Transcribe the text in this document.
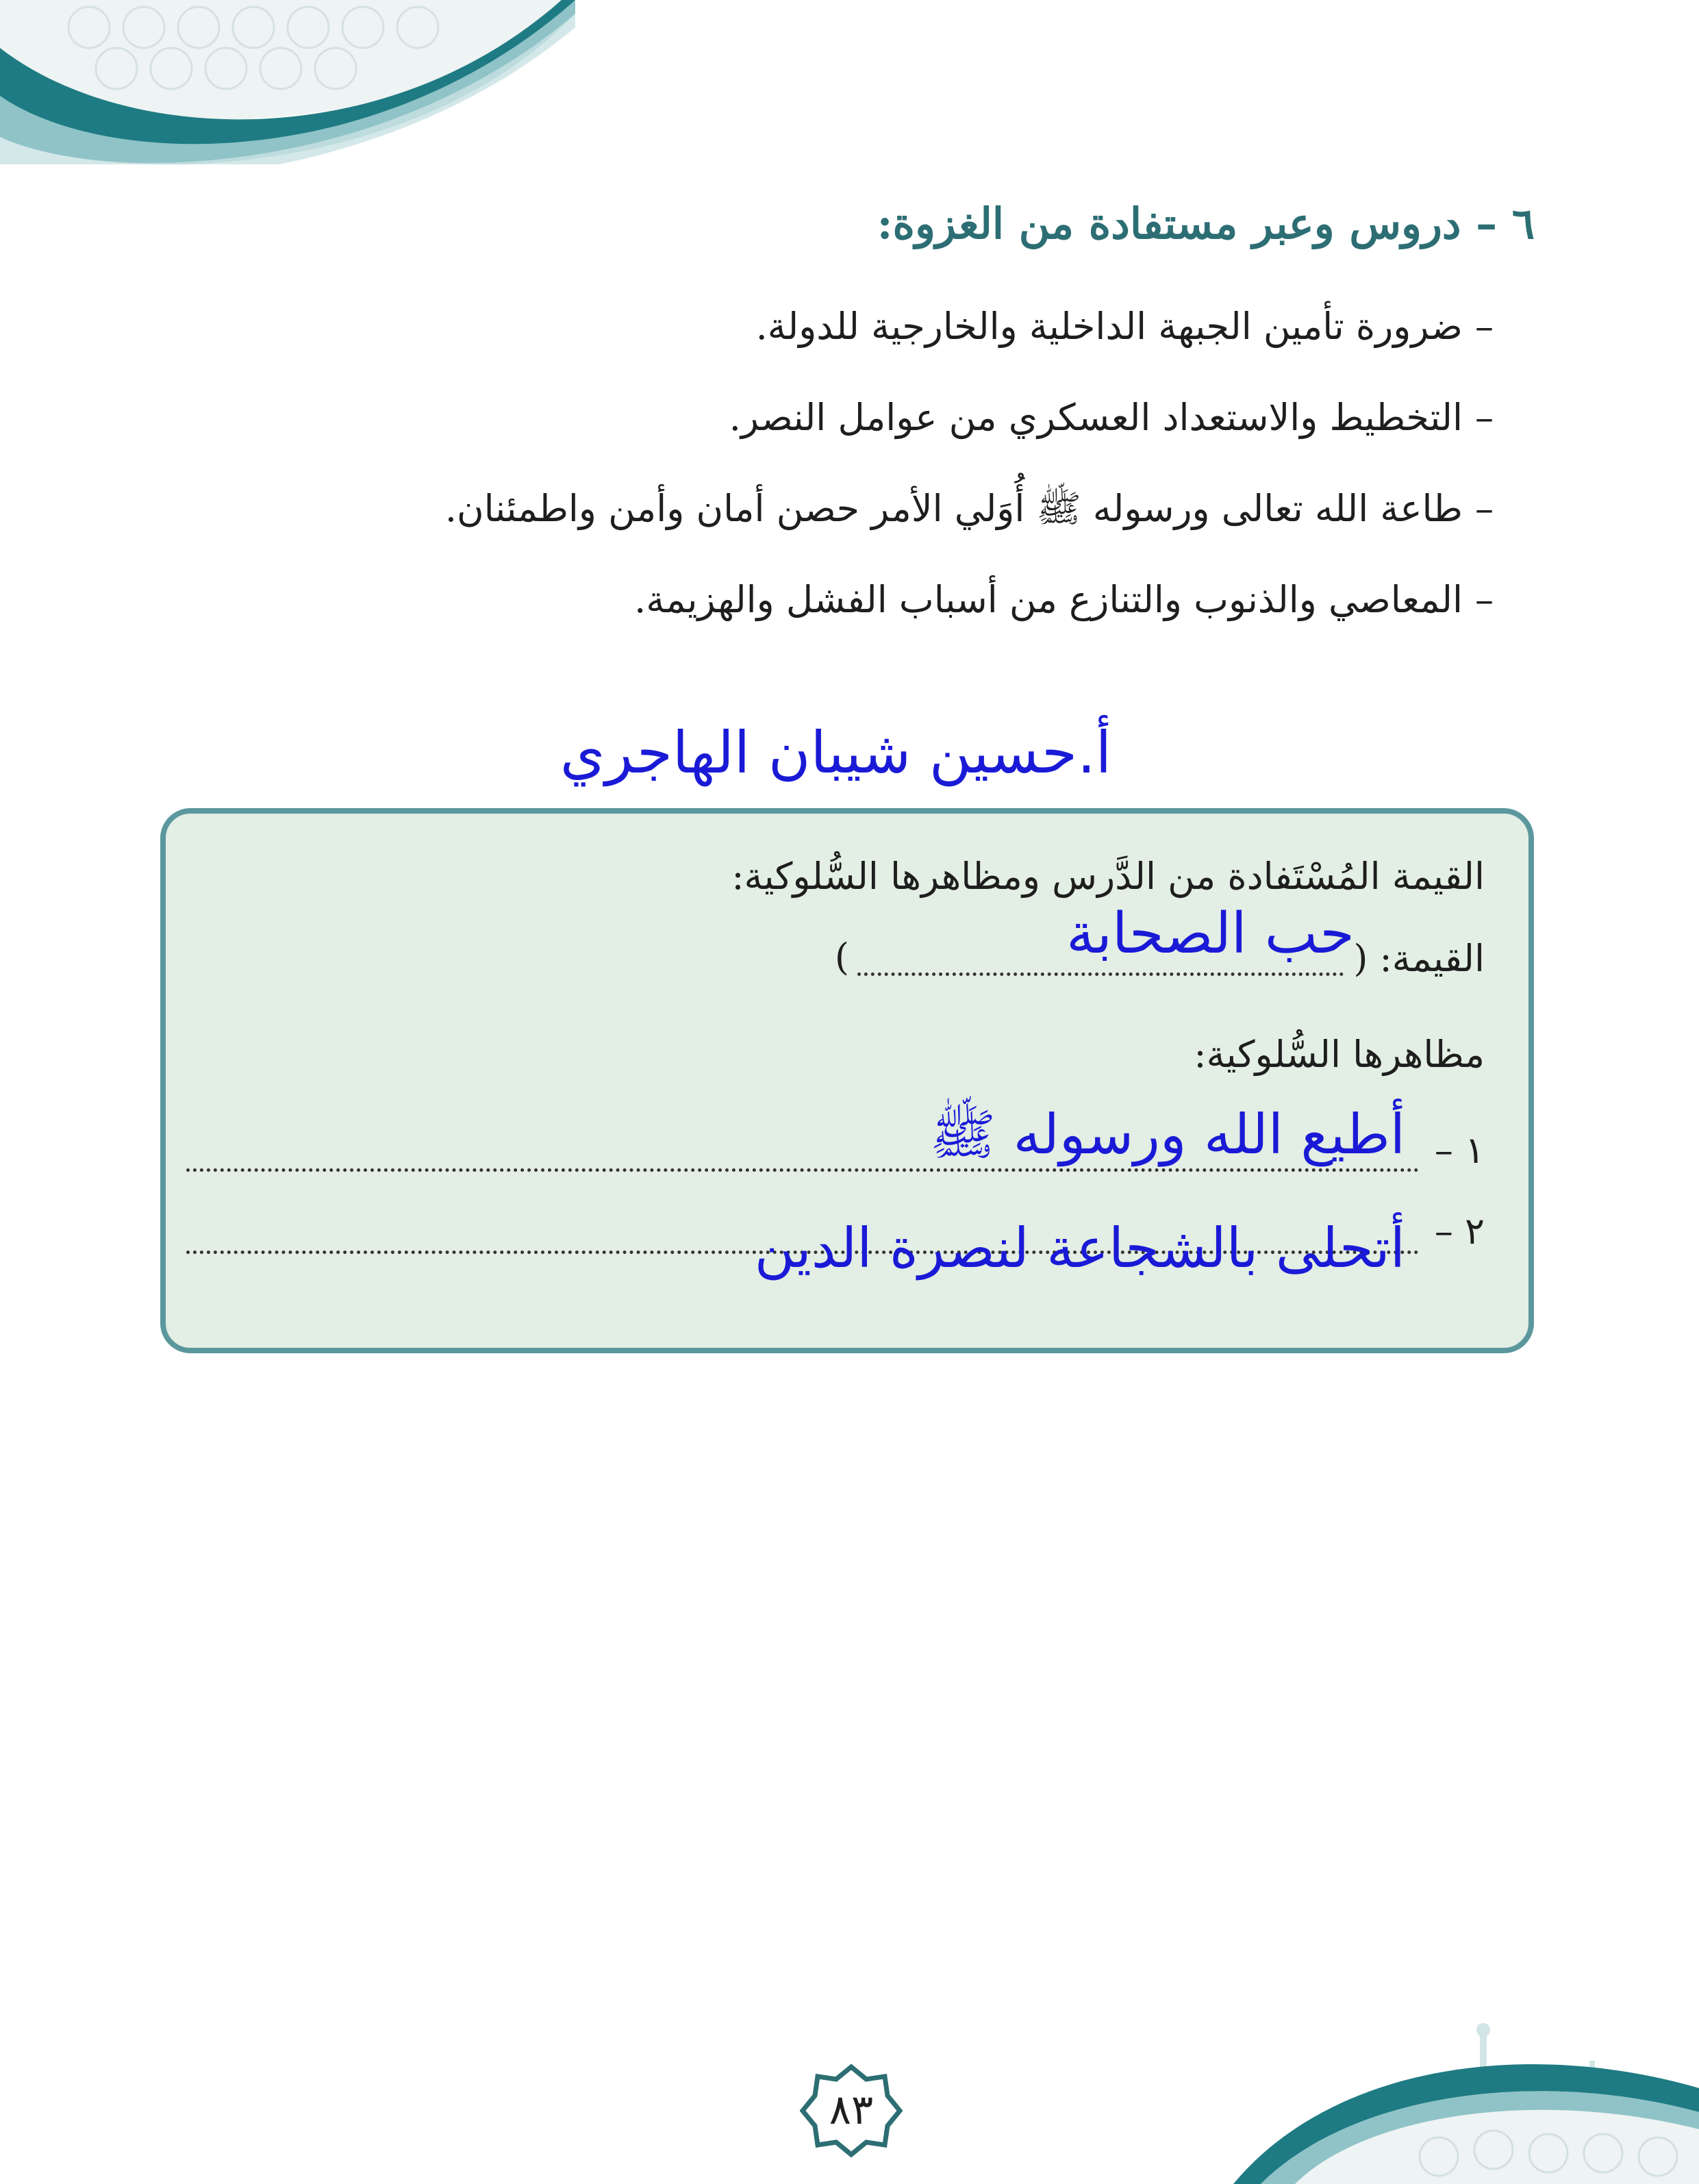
٦ – دروس وعبر مستفادة من الغزوة:
–ضرورة تأمين الجبهة الداخلية والخارجية للدولة.
–التخطيط والاستعداد العسكري من عوامل النصر.
–طاعة الله تعالى ورسوله ﷺ أُوَلي الأمر حصن أمان وأمن واطمئنان.
–المعاصي والذنوب والتنازع من أسباب الفشل والهزيمة.
أ.حسين شيبان الهاجري
القيمة المُسْتَفادة من الدَّرس ومظاهرها السُّلوكية:
القيمة: (
)	حب الصحابة
مظاهرها السُّلوكية:
١ –
أطيع الله ورسوله ﷺ
٢ –
أتحلى بالشجاعة لنصرة الدين
٨٣
